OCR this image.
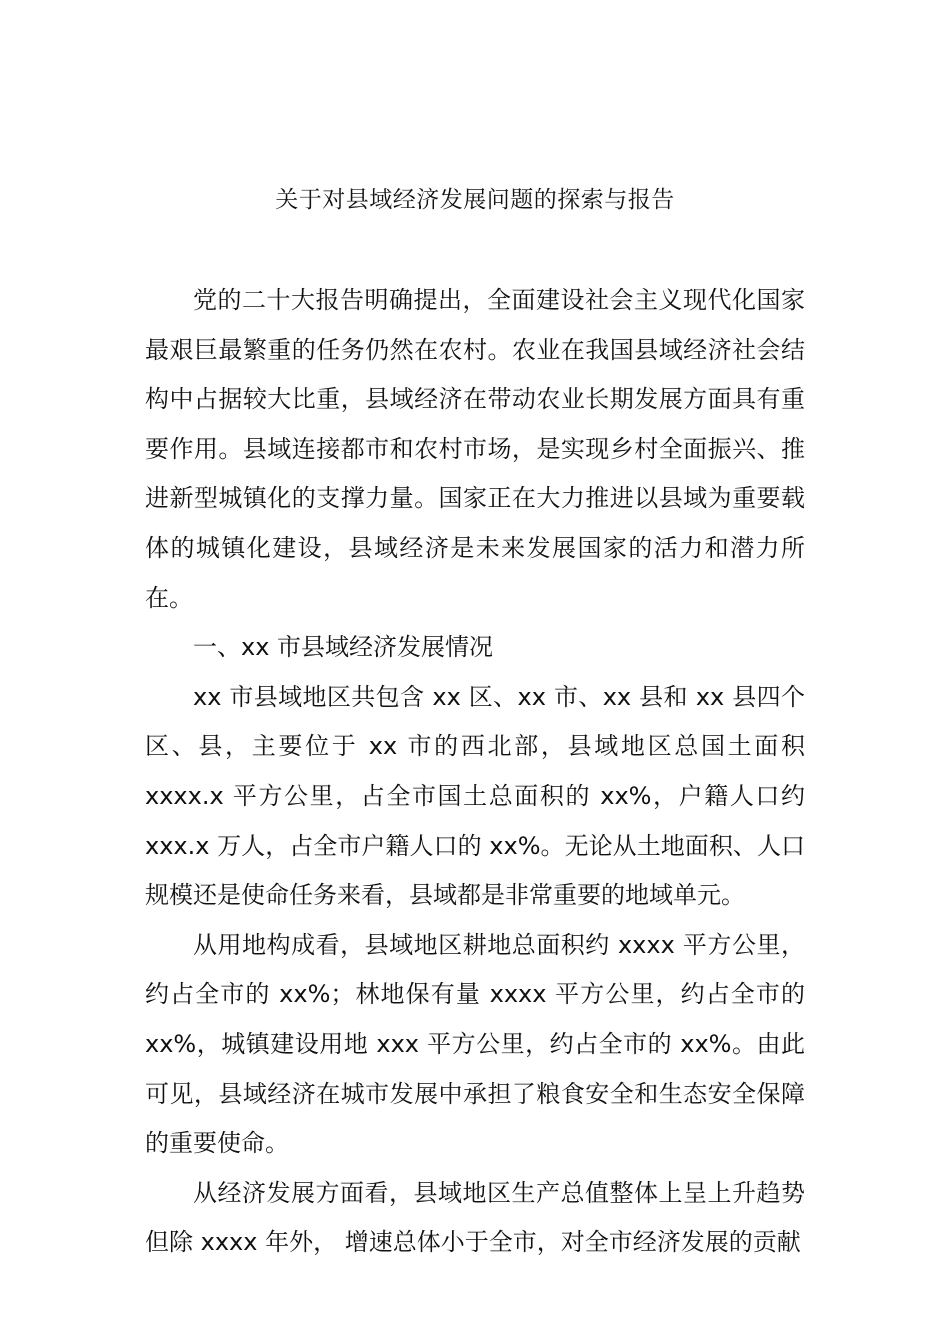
关于对县域经济发展问题的探索与报告

党的二十大报告明确提出，全面建设社会主义现代化国家最艰巨最繁重的任务仍然在农村。农业在我国县域经济社会结构中占据较大比重，县域经济在带动农业长期发展方面具有重要作用。县域连接都市和农村市场，是实现乡村全面振兴、推进新型城镇化的支撑力量。国家正在大力推进以县域为重要载体的城镇化建设，县域经济是未来发展国家的活力和潜力所在。

一、xx 市县域经济发展情况

xx 市县域地区共包含 xx 区、xx 市、xx 县和 xx 县四个区、县，主要位于 xx 市的西北部，县域地区总国土面积 xxxx.x 平方公里，占全市国土总面积的 xx%，户籍人口约 xxx.x 万人，占全市户籍人口的 xx%。无论从土地面积、人口规模还是使命任务来看，县域都是非常重要的地域单元。

从用地构成看，县域地区耕地总面积约 xxxx 平方公里，约占全市的 xx%；林地保有量 xxxx 平方公里，约占全市的 xx%，城镇建设用地 xxx 平方公里，约占全市的 xx%。由此可见，县域经济在城市发展中承担了粮食安全和生态安全保障的重要使命。

从经济发展方面看，县域地区生产总值整体上呈上升趋势但除 xxxx 年外， 增速总体小于全市，对全市经济发展的贡献
